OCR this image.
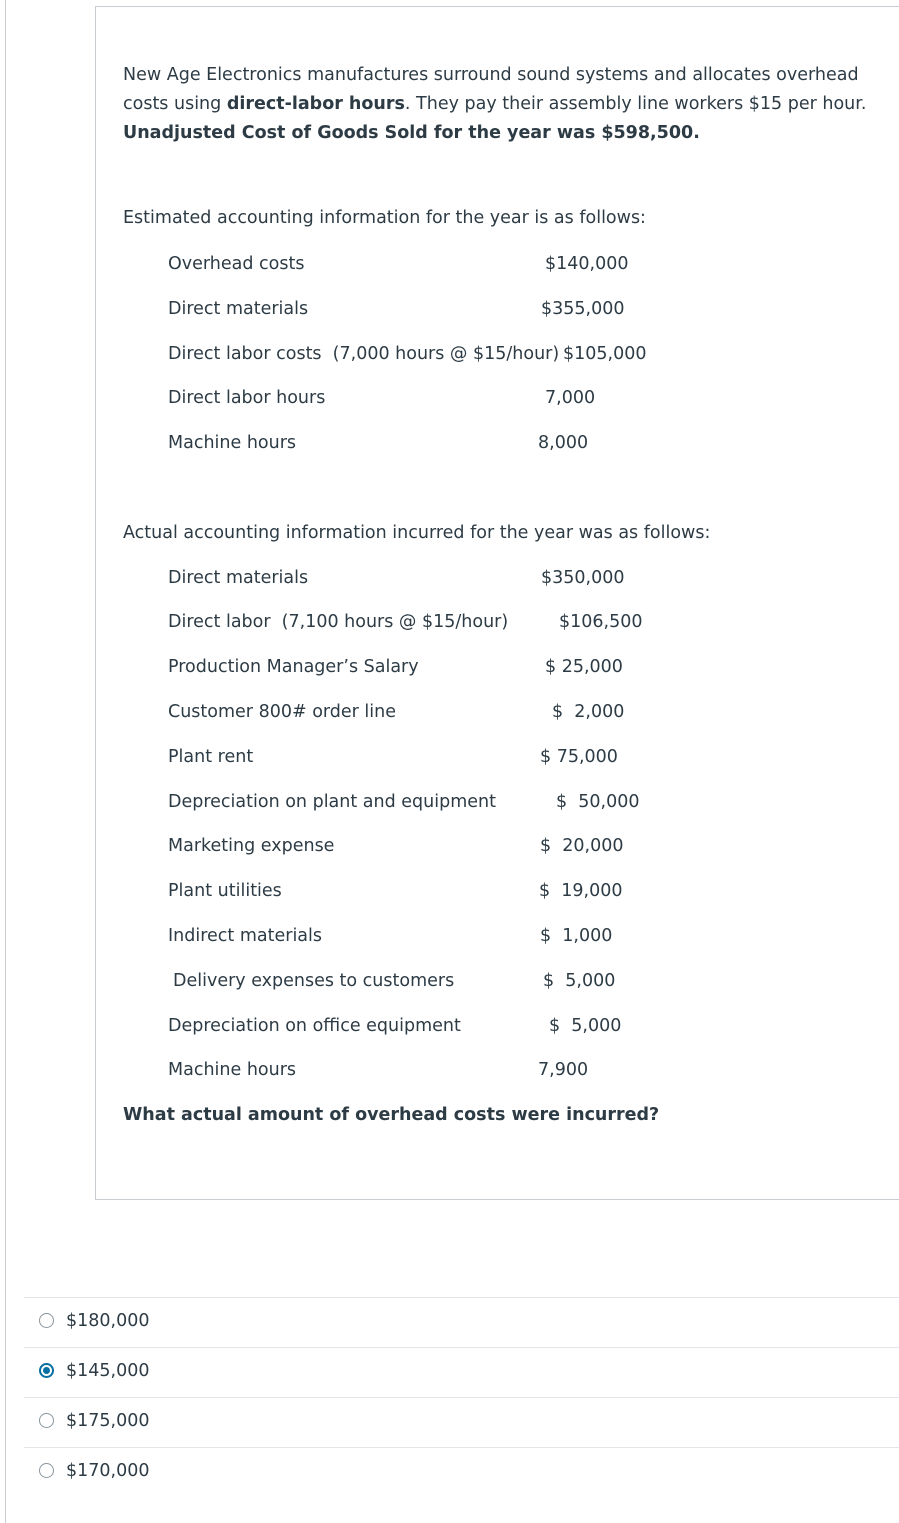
New Age Electronics manufactures surround sound systems and allocates overhead costs using direct-labor hours. They pay their assembly line workers $15 per hour. Unadjusted Cost of Goods Sold for the year was $598,500.
Estimated accounting information for the year is as follows:
Overhead costs	$140,000
Direct materials	$355,000
Direct labor costs  (7,000 hours @ $15/hour) $105,000
Direct labor hours	7,000
Machine hours	8,000
Actual accounting information incurred for the year was as follows:
Direct materials	$350,000
Direct labor  (7,100 hours @ $15/hour)	$106,500
Production Manager’s Salary	$ 25,000
Customer 800# order line	$  2,000
Plant rent	$ 75,000
Depreciation on plant and equipment	$  50,000
Marketing expense	$  20,000
Plant utilities	$  19,000
Indirect materials	$  1,000
Delivery expenses to customers	$  5,000
Depreciation on office equipment	$  5,000
Machine hours	7,900
What actual amount of overhead costs were incurred?
$180,000
$145,000
$175,000
$170,000
